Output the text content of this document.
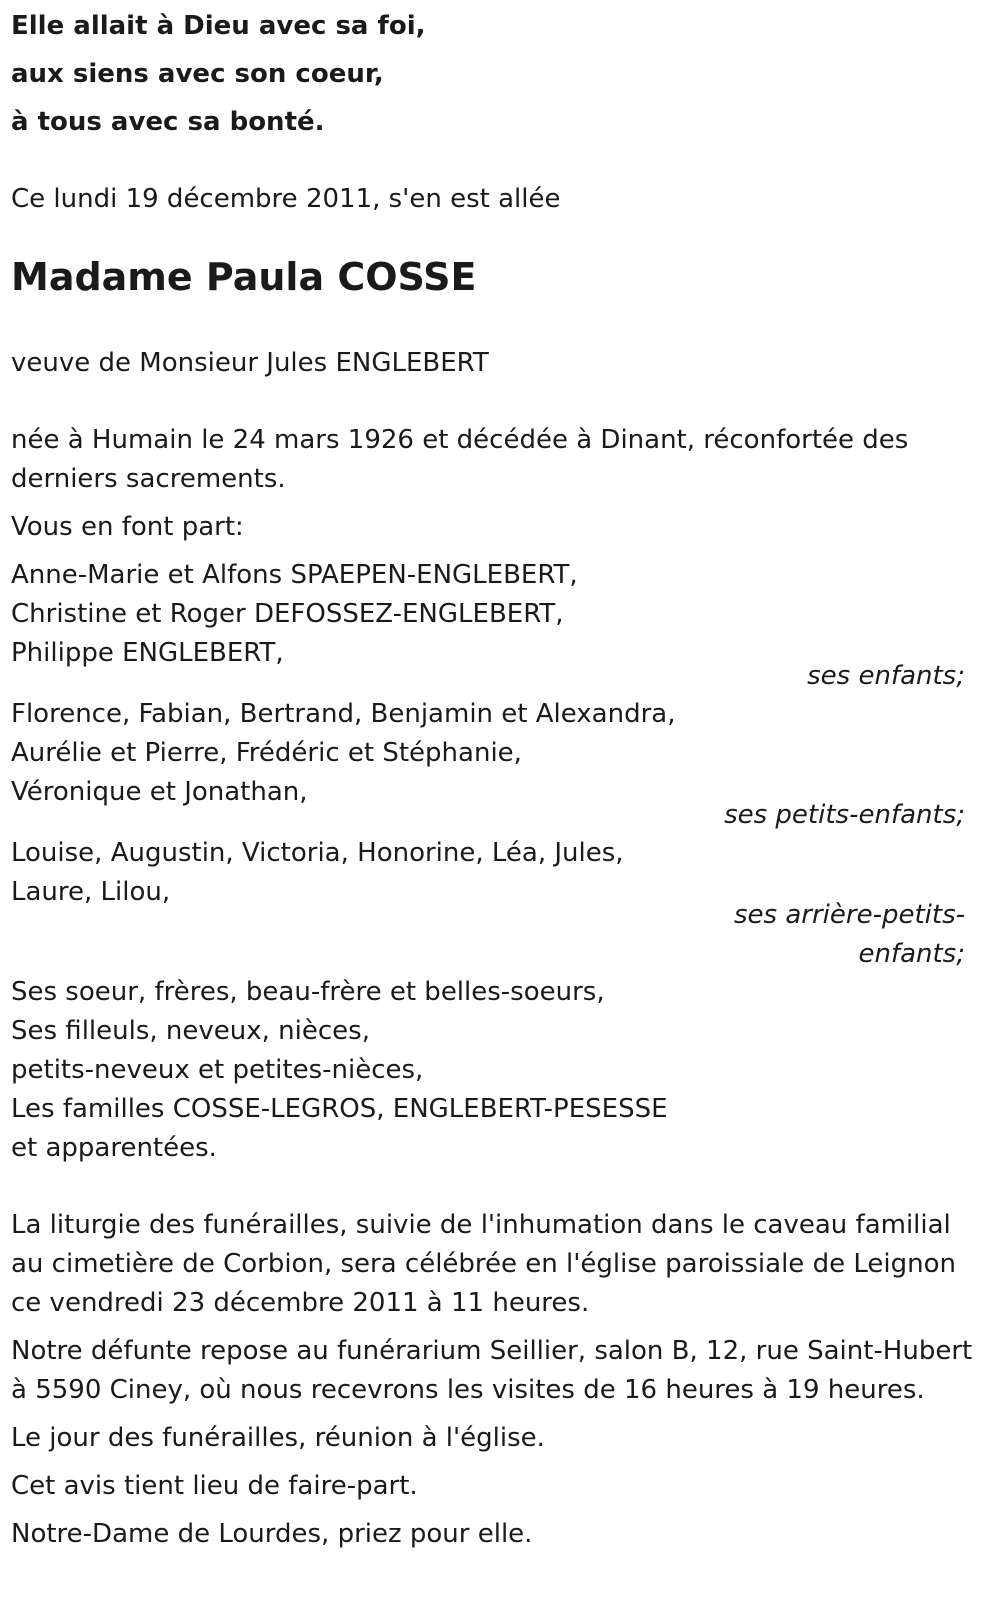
Elle allait à Dieu avec sa foi,
aux siens avec son coeur,
à tous avec sa bonté.
Ce lundi 19 décembre 2011, s'en est allée
Madame Paula COSSE
veuve de Monsieur Jules ENGLEBERT
née à Humain le 24 mars 1926 et décédée à Dinant, réconfortée des
derniers sacrements.
Vous en font part:
Anne-Marie et Alfons SPAEPEN-ENGLEBERT,
Christine et Roger DEFOSSEZ-ENGLEBERT,
Philippe ENGLEBERT,
ses enfants;
Florence, Fabian, Bertrand, Benjamin et Alexandra,
Aurélie et Pierre, Frédéric et Stéphanie,
Véronique et Jonathan,
ses petits-enfants;
Louise, Augustin, Victoria, Honorine, Léa, Jules,
Laure, Lilou,
ses arrière-petits-
enfants;
Ses soeur, frères, beau-frère et belles-soeurs,
Ses filleuls, neveux, nièces,
petits-neveux et petites-nièces,
Les familles COSSE-LEGROS, ENGLEBERT-PESESSE
et apparentées.
La liturgie des funérailles, suivie de l'inhumation dans le caveau familial
au cimetière de Corbion, sera célébrée en l'église paroissiale de Leignon
ce vendredi 23 décembre 2011 à 11 heures.
Notre défunte repose au funérarium Seillier, salon B, 12, rue Saint-Hubert
à 5590 Ciney, où nous recevrons les visites de 16 heures à 19 heures.
Le jour des funérailles, réunion à l'église.
Cet avis tient lieu de faire-part.
Notre-Dame de Lourdes, priez pour elle.
